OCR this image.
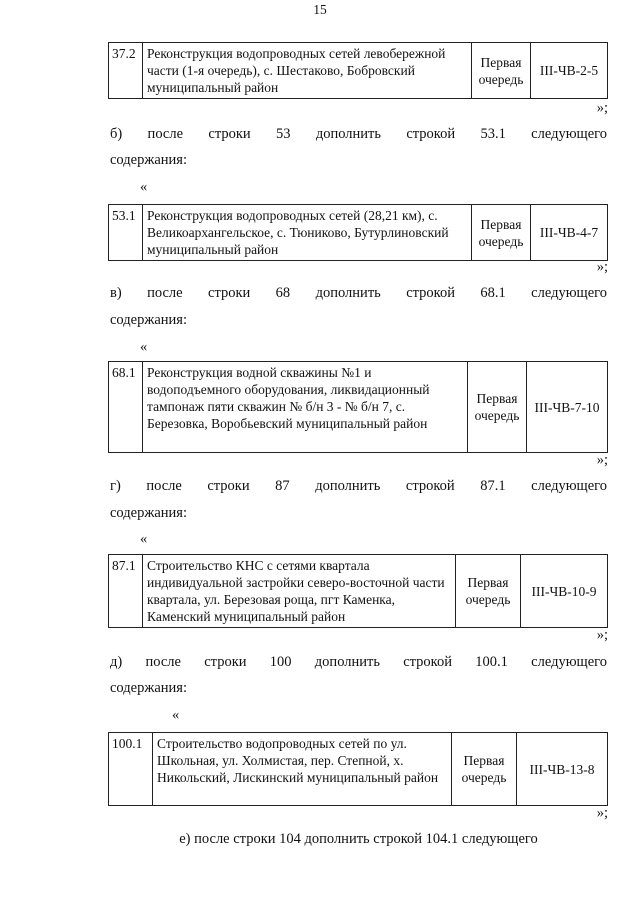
15
37.2	Реконструкция водопроводных сетей левобережной части (1-я очередь), с. Шестаково, Бобровский муниципальный район	Первая очередь	III-ЧВ-2-5
»;
б) после строки 53 дополнить строкой 53.1 следующего
содержания:
«
53.1	Реконструкция водопроводных сетей (28,21 км), с. Великоархангельское, с. Тюниково, Бутурлиновский муниципальный район	Первая очередь	III-ЧВ-4-7
»;
в) после строки 68 дополнить строкой 68.1 следующего
содержания:
«
68.1	Реконструкция водной скважины №1 и водоподъемного оборудования, ликвидационный тампонаж пяти скважин № б/н 3 - № б/н 7, с. Березовка, Воробьевский муниципальный район	Первая очередь	III-ЧВ-7-10
»;
г) после строки 87 дополнить строкой 87.1 следующего
содержания:
«
87.1	Строительство КНС с сетями квартала индивидуальной застройки северо-восточной части квартала, ул. Березовая роща, пгт Каменка, Каменский муниципальный район	Первая очередь	III-ЧВ-10-9
»;
д) после строки 100 дополнить строкой 100.1 следующего
содержания:
«
100.1	Строительство водопроводных сетей по ул. Школьная, ул. Холмистая, пер. Степной, х. Никольский, Лискинский муниципальный район	Первая очередь	III-ЧВ-13-8
»;
е) после строки 104 дополнить строкой 104.1 следующего
